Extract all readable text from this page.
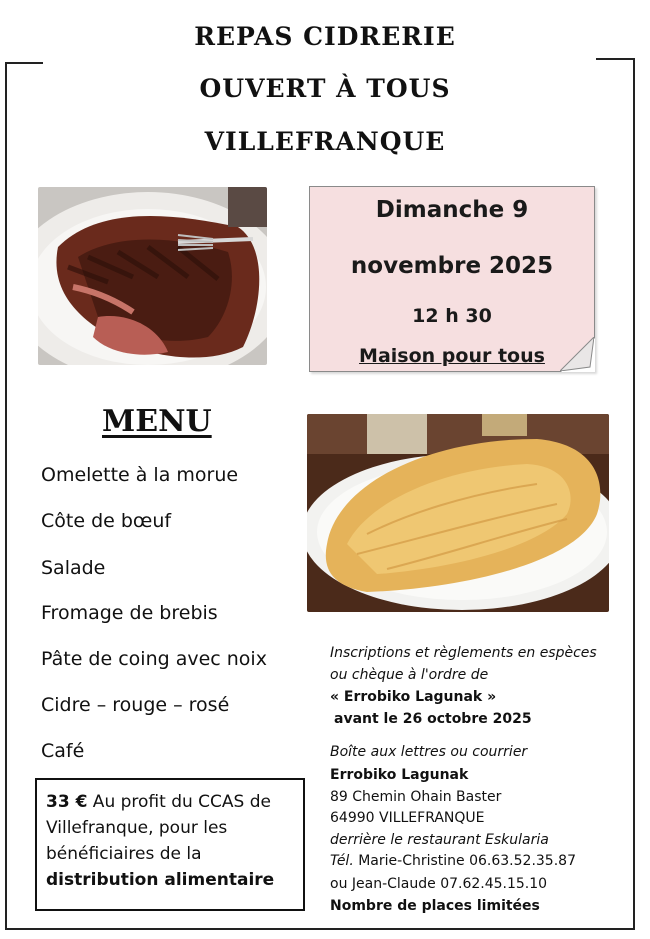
REPAS CIDRERIE
OUVERT À TOUS
VILLEFRANQUE
Dimanche 9
novembre 2025
12 h 30
Maison pour tous
MENU
Omelette à la morue
Côte de bœuf
Salade
Fromage de brebis
Pâte de coing avec noix
Cidre – rouge – rosé
Café
33 € Au profit du CCAS de
Villefranque, pour les
bénéficiaires de la
distribution alimentaire
Inscriptions et règlements en espèces
ou chèque à l'ordre de
« Errobiko Lagunak »
avant le 26 octobre 2025
Boîte aux lettres ou courrier
Errobiko Lagunak
89 Chemin Ohain Baster
64990 VILLEFRANQUE
derrière le restaurant Eskularia
Tél. Marie-Christine 06.63.52.35.87
ou Jean-Claude 07.62.45.15.10
Nombre de places limitées
